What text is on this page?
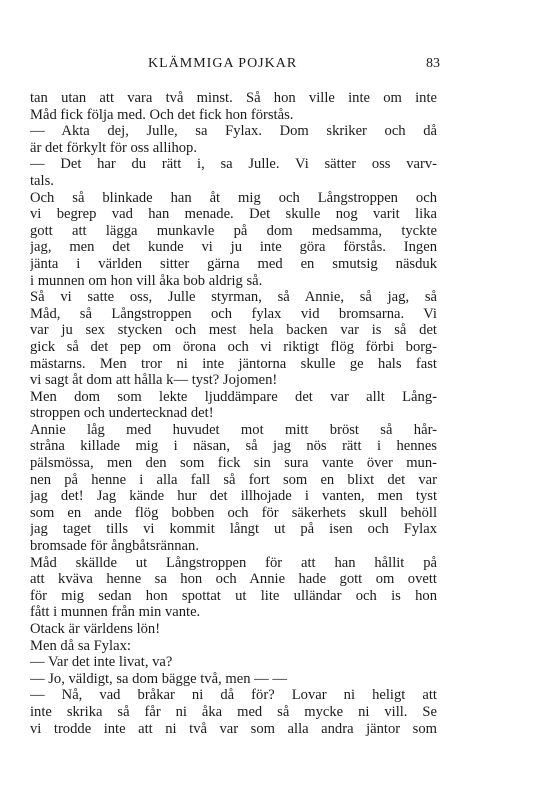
KLÄMMIGA POJKAR	83
tan utan att vara två minst. Så hon ville inte om inte
Måd fick följa med. Och det fick hon förstås.
— Akta dej, Julle, sa Fylax. Dom skriker och då
är det förkylt för oss allihop.
— Det har du rätt i, sa Julle. Vi sätter oss varv-
tals.
Och så blinkade han åt mig och Långstroppen och
vi begrep vad han menade. Det skulle nog varit lika
gott att lägga munkavle på dom medsamma, tyckte
jag, men det kunde vi ju inte göra förstås. Ingen
jänta i världen sitter gärna med en smutsig näsduk
i munnen om hon vill åka bob aldrig så.
Så vi satte oss, Julle styrman, så Annie, så jag, så
Måd, så Långstroppen och fylax vid bromsarna. Vi
var ju sex stycken och mest hela backen var is så det
gick så det pep om örona och vi riktigt flög förbi borg-
mästarns. Men tror ni inte jäntorna skulle ge hals fast
vi sagt åt dom att hålla k— tyst? Jojomen!
Men dom som lekte ljuddämpare det var allt Lång-
stroppen och undertecknad det!
Annie låg med huvudet mot mitt bröst så hår-
stråna killade mig i näsan, så jag nös rätt i hennes
pälsmössa, men den som fick sin sura vante över mun-
nen på henne i alla fall så fort som en blixt det var
jag det! Jag kände hur det illhojade i vanten, men tyst
som en ande flög bobben och för säkerhets skull behöll
jag taget tills vi kommit långt ut på isen och Fylax
bromsade för ångbåtsrännan.
Måd skällde ut Långstroppen för att han hållit på
att kväva henne sa hon och Annie hade gott om ovett
för mig sedan hon spottat ut lite ulländar och is hon
fått i munnen från min vante.
Otack är världens lön!
Men då sa Fylax:
— Var det inte livat, va?
— Jo, väldigt, sa dom bägge två, men — —
— Nå, vad bråkar ni då för? Lovar ni heligt att
inte skrika så får ni åka med så mycke ni vill. Se
vi trodde inte att ni två var som alla andra jäntor som
